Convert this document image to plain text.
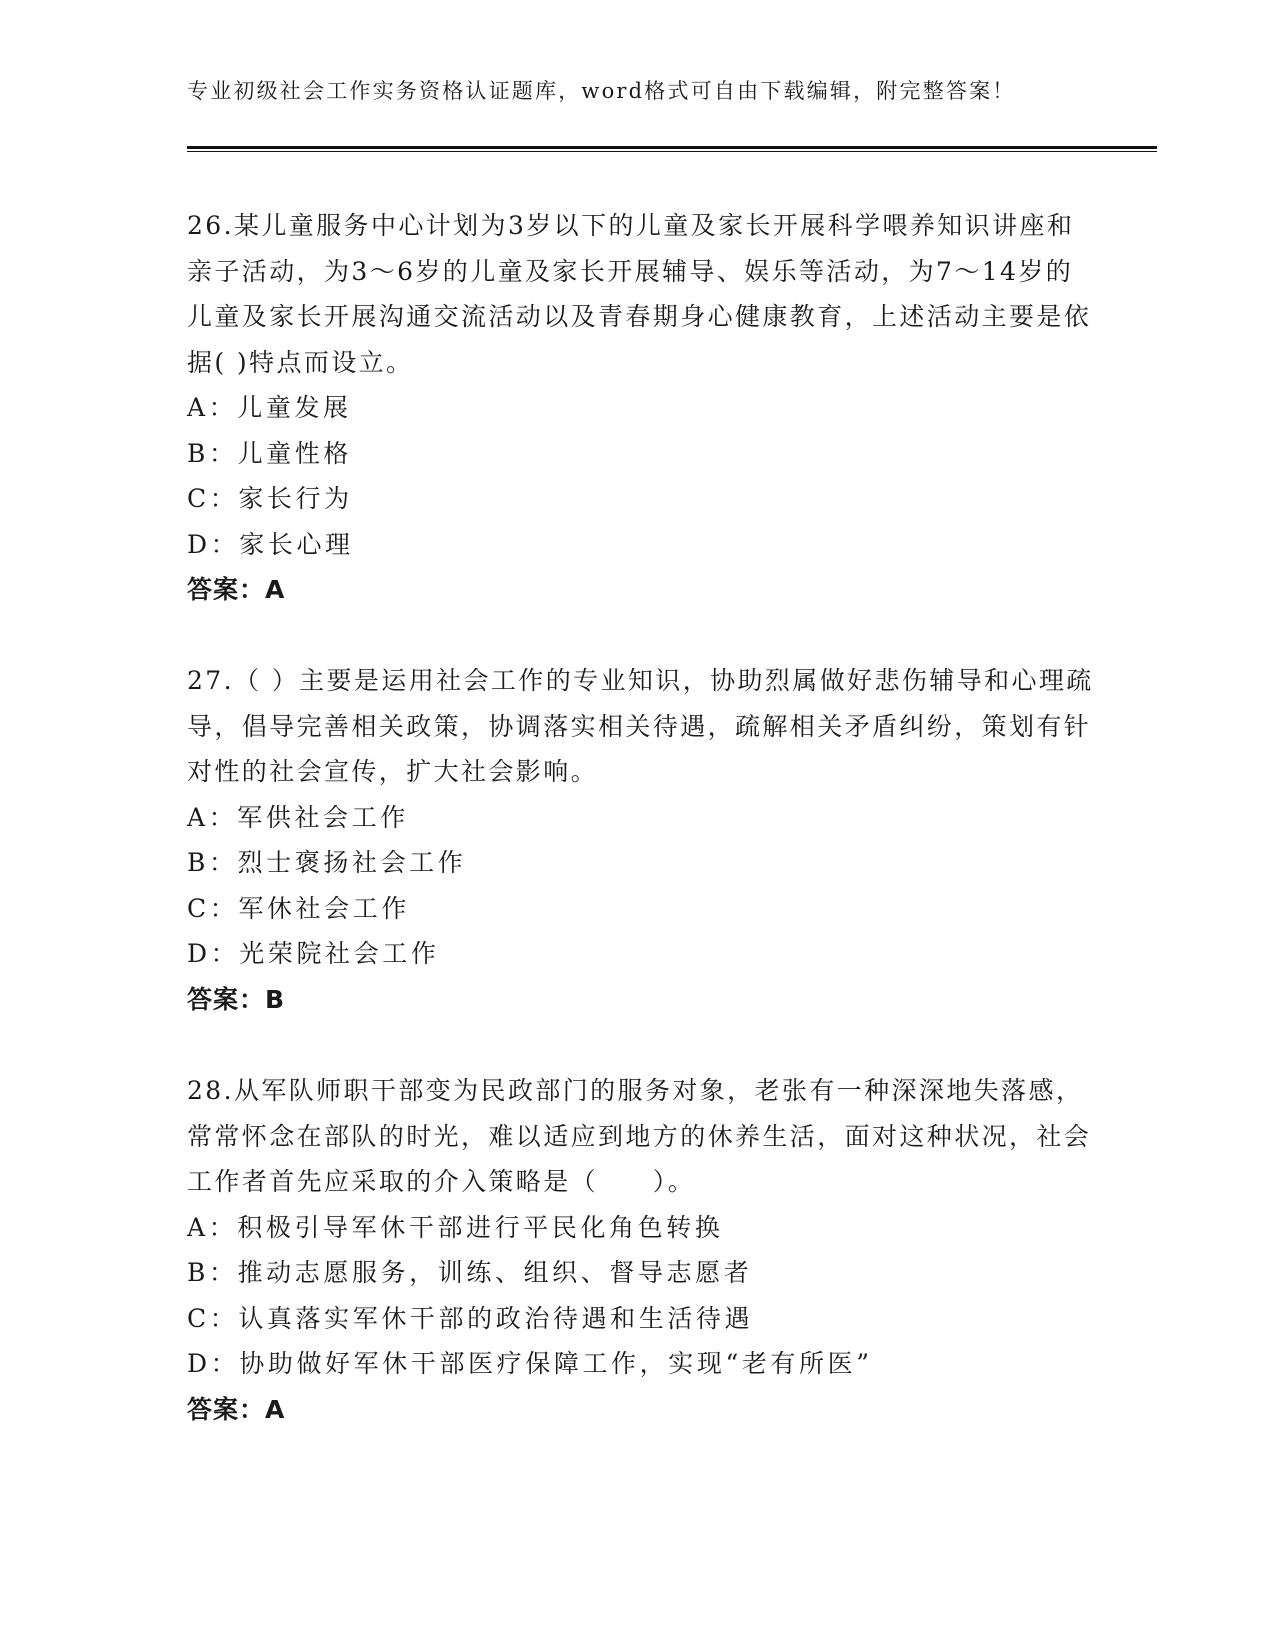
专业初级社会工作实务资格认证题库，word格式可自由下载编辑，附完整答案！

26.某儿童服务中心计划为3岁以下的儿童及家长开展科学喂养知识讲座和亲子活动，为3～6岁的儿童及家长开展辅导、娱乐等活动，为7～14岁的儿童及家长开展沟通交流活动以及青春期身心健康教育，上述活动主要是依据( )特点而设立。

A：儿童发展

B：儿童性格

C：家长行为

D：家长心理

答案：A

27.（ ）主要是运用社会工作的专业知识，协助烈属做好悲伤辅导和心理疏导，倡导完善相关政策，协调落实相关待遇，疏解相关矛盾纠纷，策划有针对性的社会宣传，扩大社会影响。

A：军供社会工作

B：烈士褒扬社会工作

C：军休社会工作

D：光荣院社会工作

答案：B

28.从军队师职干部变为民政部门的服务对象，老张有一种深深地失落感，常常怀念在部队的时光，难以适应到地方的休养生活，面对这种状况，社会工作者首先应采取的介入策略是（　　）。

A：积极引导军休干部进行平民化角色转换

B：推动志愿服务，训练、组织、督导志愿者

C：认真落实军休干部的政治待遇和生活待遇

D：协助做好军休干部医疗保障工作，实现“老有所医”

答案：A
